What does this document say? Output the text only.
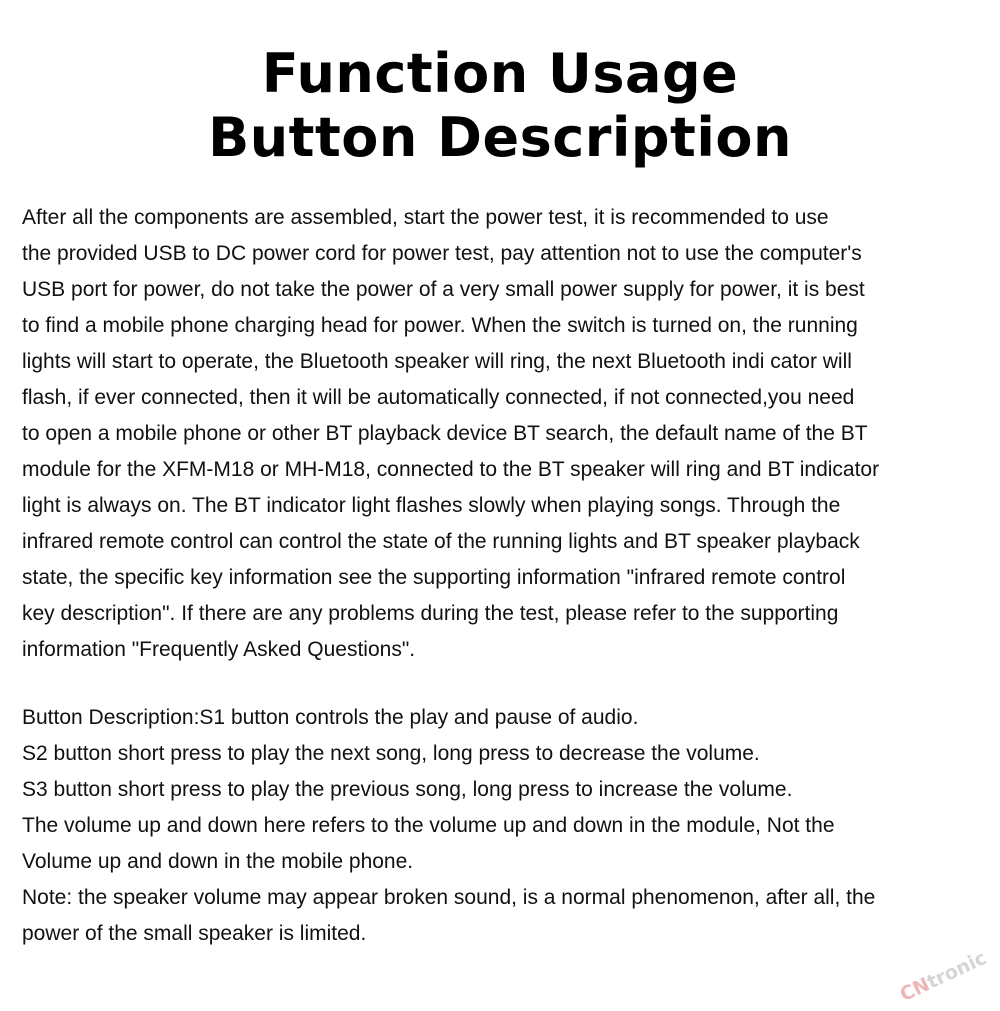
Function Usage
Button Description
After all the components are assembled, start the power test, it is recommended to use
the provided USB to DC power cord for power test, pay attention not to use the computer's
USB port for power, do not take the power of a very small power supply for power, it is best
to find a mobile phone charging head for power. When the switch is turned on, the running
lights will start to operate, the Bluetooth speaker will ring, the next Bluetooth indi cator will
flash, if ever connected, then it will be automatically connected, if not connected,you need
to open a mobile phone or other BT playback device BT search, the default name of the BT
module for the XFM-M18 or MH-M18, connected to the BT speaker will ring and BT indicator
light is always on. The BT indicator light flashes slowly when playing songs. Through the
infrared remote control can control the state of the running lights and BT speaker playback
state, the specific key information see the supporting information "infrared remote control
key description". If there are any problems during the test, please refer to the supporting
information "Frequently Asked Questions".
Button Description:S1 button controls the play and pause of audio.
S2 button short press to play the next song, long press to decrease the volume.
S3 button short press to play the previous song, long press to increase the volume.
The volume up and down here refers to the volume up and down in the module, Not the
Volume up and down in the mobile phone.
Note: the speaker volume may appear broken sound, is a normal phenomenon, after all, the
power of the small speaker is limited.
CNtronic
